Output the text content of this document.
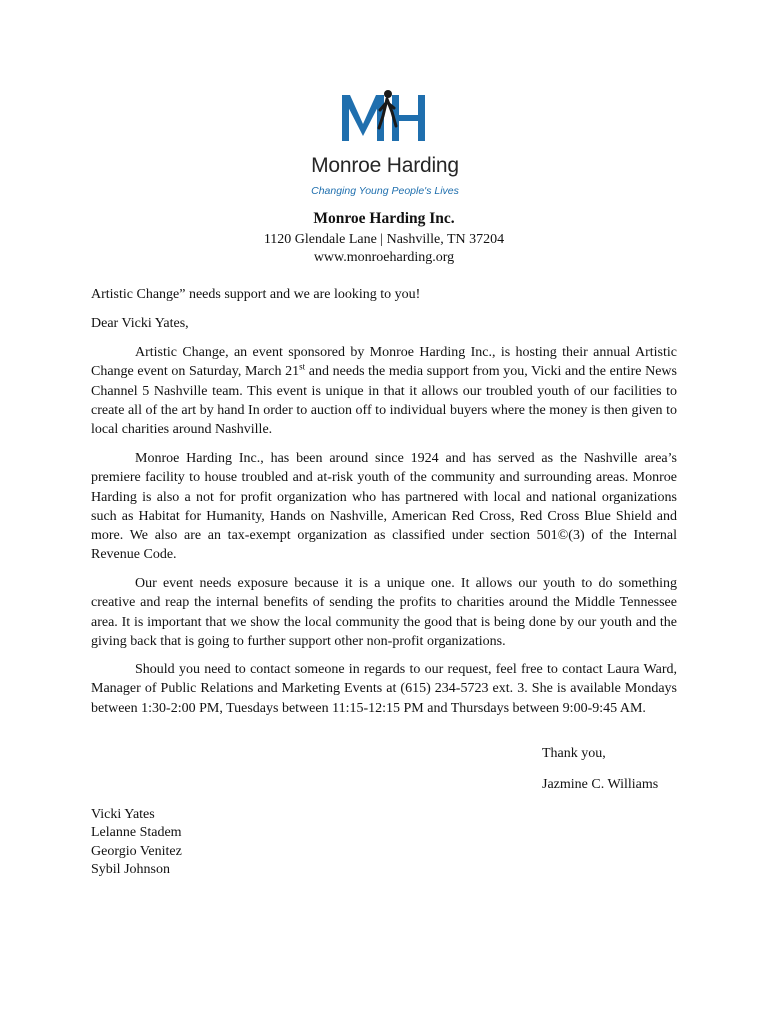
Monroe Harding
Changing Young People's Lives
Monroe Harding Inc.
1120 Glendale Lane | Nashville, TN 37204
www.monroeharding.org
Artistic Change” needs support and we are looking to you!
Dear Vicki Yates,
Artistic Change, an event sponsored by Monroe Harding Inc., is hosting their annual Artistic Change event on Saturday, March 21st and needs the media support from you, Vicki and the entire News Channel 5 Nashville team. This event is unique in that it allows our troubled youth of our facilities to create all of the art by hand In order to auction off to individual buyers where the money is then given to local charities around Nashville.
Monroe Harding Inc., has been around since 1924 and has served as the Nashville area’s premiere facility to house troubled and at-risk youth of the community and surrounding areas. Monroe Harding is also a not for profit organization who has partnered with local and national organizations such as Habitat for Humanity, Hands on Nashville, American Red Cross, Red Cross Blue Shield and more. We also are an tax-exempt organization as classified under section 501©(3) of the Internal Revenue Code.
Our event needs exposure because it is a unique one. It allows our youth to do something creative and reap the internal benefits of sending the profits to charities around the Middle Tennessee area. It is important that we show the local community the good that is being done by our youth and the giving back that is going to further support other non-profit organizations.
Should you need to contact someone in regards to our request, feel free to contact Laura Ward, Manager of Public Relations and Marketing Events at (615) 234-5723 ext. 3. She is available Mondays between 1:30-2:00 PM, Tuesdays between 11:15-12:15 PM and Thursdays between 9:00-9:45 AM.
Thank you,
Jazmine C. Williams
Vicki Yates
Lelanne Stadem
Georgio Venitez
Sybil Johnson
